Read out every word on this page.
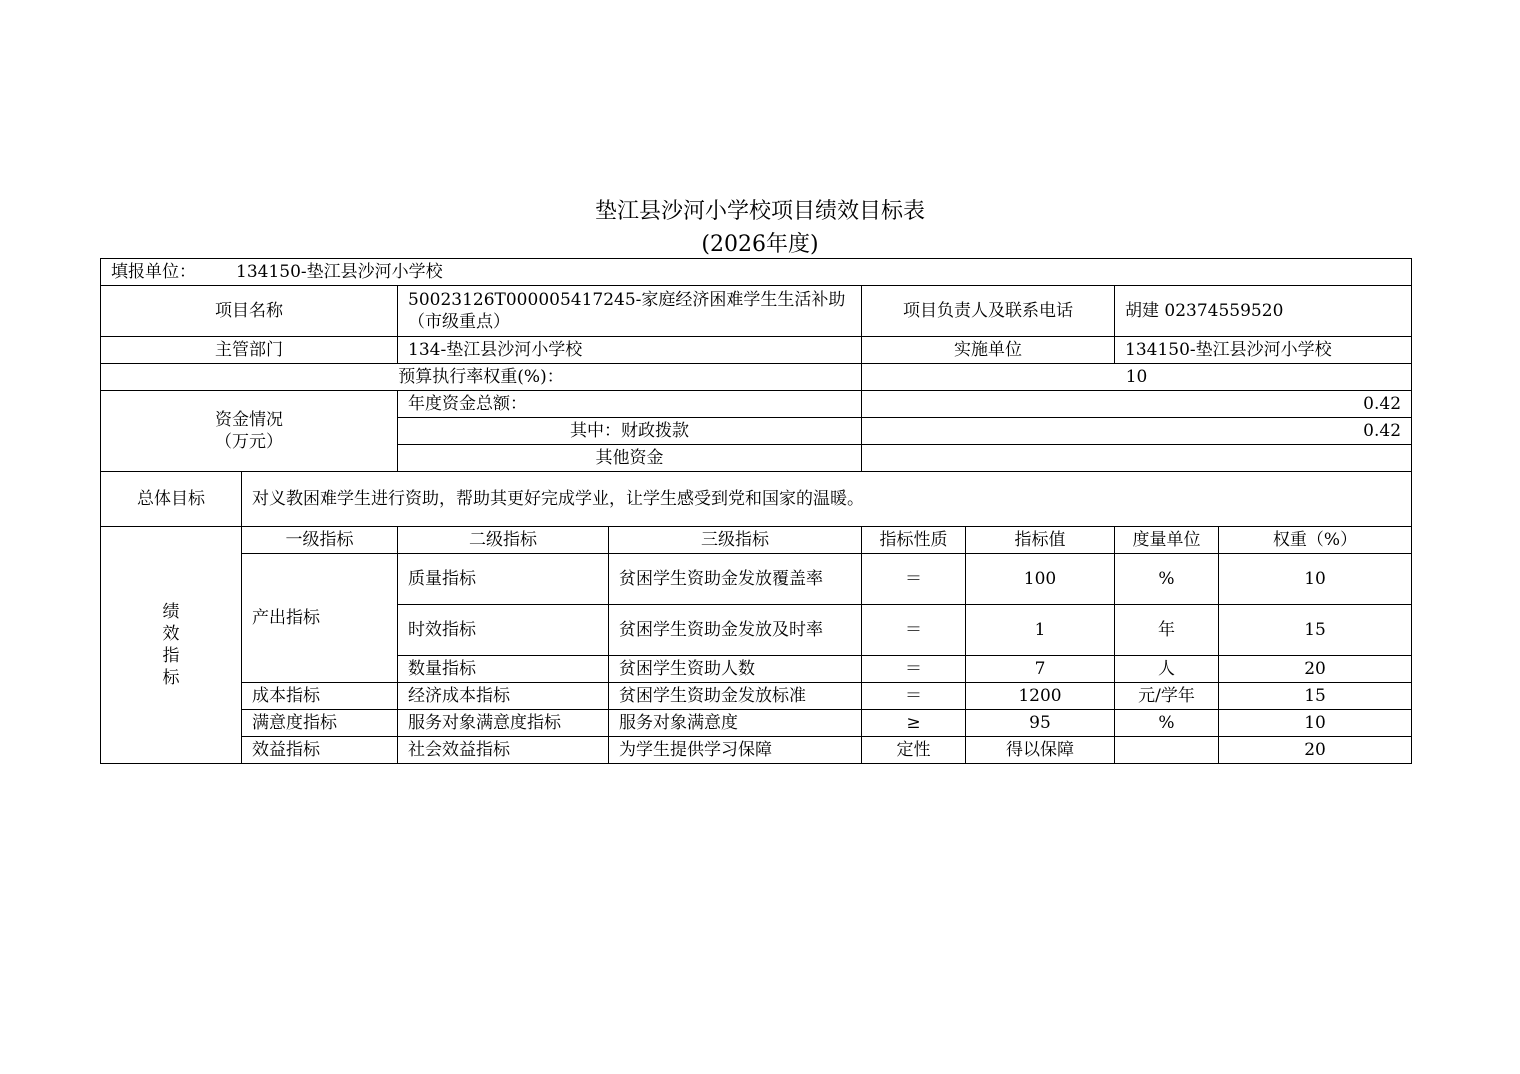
垫江县沙河小学校项目绩效目标表
(2026年度)
填报单位： 134150-垫江县沙河小学校							
项目名称		50023126T000005417245-家庭经济困难学生生活补助（市级重点）		项目负责人及联系电话		胡建 02374559520	
主管部门		134-垫江县沙河小学校		实施单位		134150-垫江县沙河小学校	
预算执行率权重(%)：				10			

资金情况
（万元）		年度资金总额：		0.42			
		其中：财政拨款		0.42			
		其他资金					
总体目标	对义教困难学生进行资助，帮助其更好完成学业，让学生感受到党和国家的温暖。						

绩
效
指
标	一级指标	二级指标	三级指标	指标性质	指标值	度量单位	权重（%）
	产出指标	质量指标	贫困学生资助金发放覆盖率	＝	100	%	10
		时效指标	贫困学生资助金发放及时率	＝	1	年	15
		数量指标	贫困学生资助人数	＝	7	人	20
	成本指标	经济成本指标	贫困学生资助金发放标准	＝	1200	元/学年	15
	满意度指标	服务对象满意度指标	服务对象满意度	≥	95	%	10
	效益指标	社会效益指标	为学生提供学习保障	定性	得以保障		20
